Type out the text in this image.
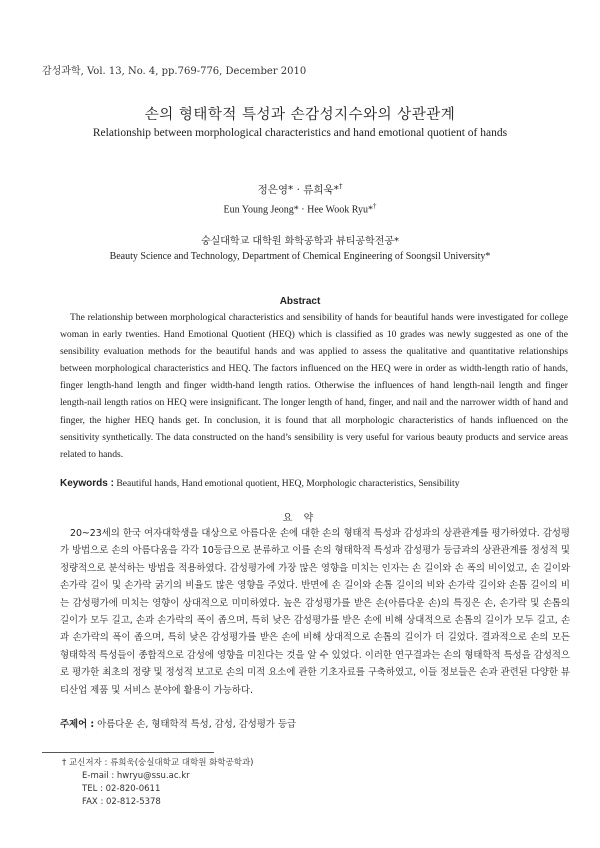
감성과학, Vol. 13, No. 4, pp.769-776, December 2010
손의 형태학적 특성과 손감성지수와의 상관관계
Relationship between morphological characteristics and hand emotional quotient of hands
정은영* · 류희욱*†
Eun Young Jeong* · Hee Wook Ryu*†
숭실대학교 대학원 화학공학과 뷰티공학전공*
Beauty Science and Technology, Department of Chemical Engineering of Soongsil University*
Abstract
The relationship between morphological characteristics and sensibility of hands for beautiful hands were investigated for college woman in early twenties. Hand Emotional Quotient (HEQ) which is classified as 10 grades was newly suggested as one of the sensibility evaluation methods for the beautiful hands and was applied to assess the qualitative and quantitative relationships between morphological characteristics and HEQ. The factors influenced on the HEQ were in order as width-length ratio of hands, finger length-hand length and finger width-hand length ratios. Otherwise the influences of hand length-nail length and finger length-nail length ratios on HEQ were insignificant. The longer length of hand, finger, and nail and the narrower width of hand and finger, the higher HEQ hands get. In conclusion, it is found that all morphologic characteristics of hands influenced on the sensitivity synthetically. The data constructed on the hand’s sensibility is very useful for various beauty products and service areas related to hands.
Keywords : Beautiful hands, Hand emotional quotient, HEQ, Morphologic characteristics, Sensibility
요 약
20~23세의 한국 여자대학생을 대상으로 아름다운 손에 대한 손의 형태적 특성과 감성과의 상관관계를 평가하였다. 감성평가 방법으로 손의 아름다움을 각각 10등급으로 분류하고 이를 손의 형태학적 특성과 감성평가 등급과의 상관관계를 정성적 및 정량적으로 분석하는 방법을 적용하였다. 감성평가에 가장 많은 영향을 미치는 인자는 손 길이와 손 폭의 비이었고, 손 길이와 손가락 길이 및 손가락 굵기의 비율도 많은 영향을 주었다. 반면에 손 길이와 손톱 길이의 비와 손가락 길이와 손톱 길이의 비는 감성평가에 미치는 영향이 상대적으로 미미하였다. 높은 감성평가를 받은 손(아름다운 손)의 특징은 손, 손가락 및 손톱의 길이가 모두 길고, 손과 손가락의 폭이 좁으며, 특히 낮은 감성평가를 받은 손에 비해 상대적으로 손톱의 길이가 모두 길고, 손과 손가락의 폭이 좁으며, 특히 낮은 감성평가를 받은 손에 비해 상대적으로 손톱의 길이가 더 길었다. 결과적으로 손의 모든 형태학적 특성들이 종합적으로 감성에 영향을 미친다는 것을 알 수 있었다. 이러한 연구결과는 손의 형태학적 특성을 감성적으로 평가한 최초의 정량 및 정성적 보고로 손의 미적 요소에 관한 기초자료를 구축하였고, 이들 정보들은 손과 관련된 다양한 뷰티산업 제품 및 서비스 분야에 활용이 가능하다.
주제어 : 아름다운 손, 형태학적 특성, 감성, 감성평가 등급
† 교신저자 : 류희욱(숭실대학교 대학원 화학공학과)
E-mail : hwryu@ssu.ac.kr
TEL : 02-820-0611
FAX : 02-812-5378
